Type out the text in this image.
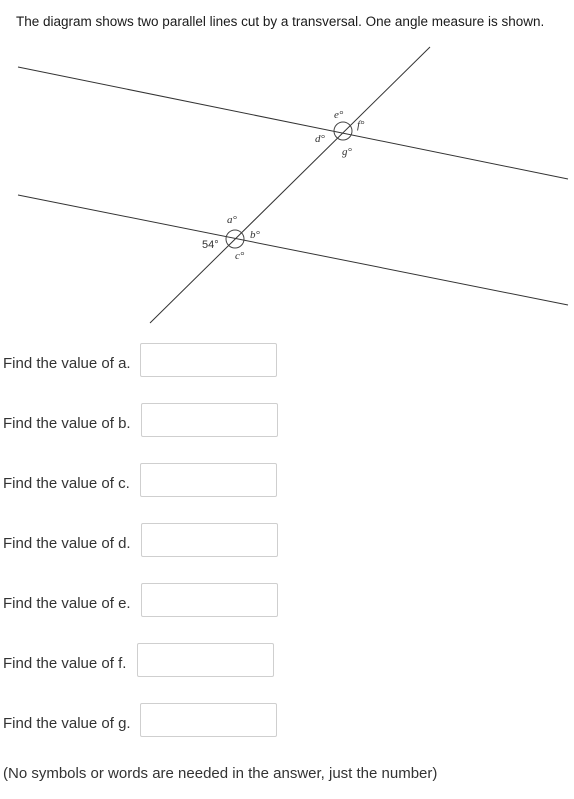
The diagram shows two parallel lines cut by a transversal. One angle measure is shown.
54°
a°
b°
c°
d°
e°
f°
g°
Find the value of a.
Find the value of b.
Find the value of c.
Find the value of d.
Find the value of e.
Find the value of f.
Find the value of g.
(No symbols or words are needed in the answer, just the number)
